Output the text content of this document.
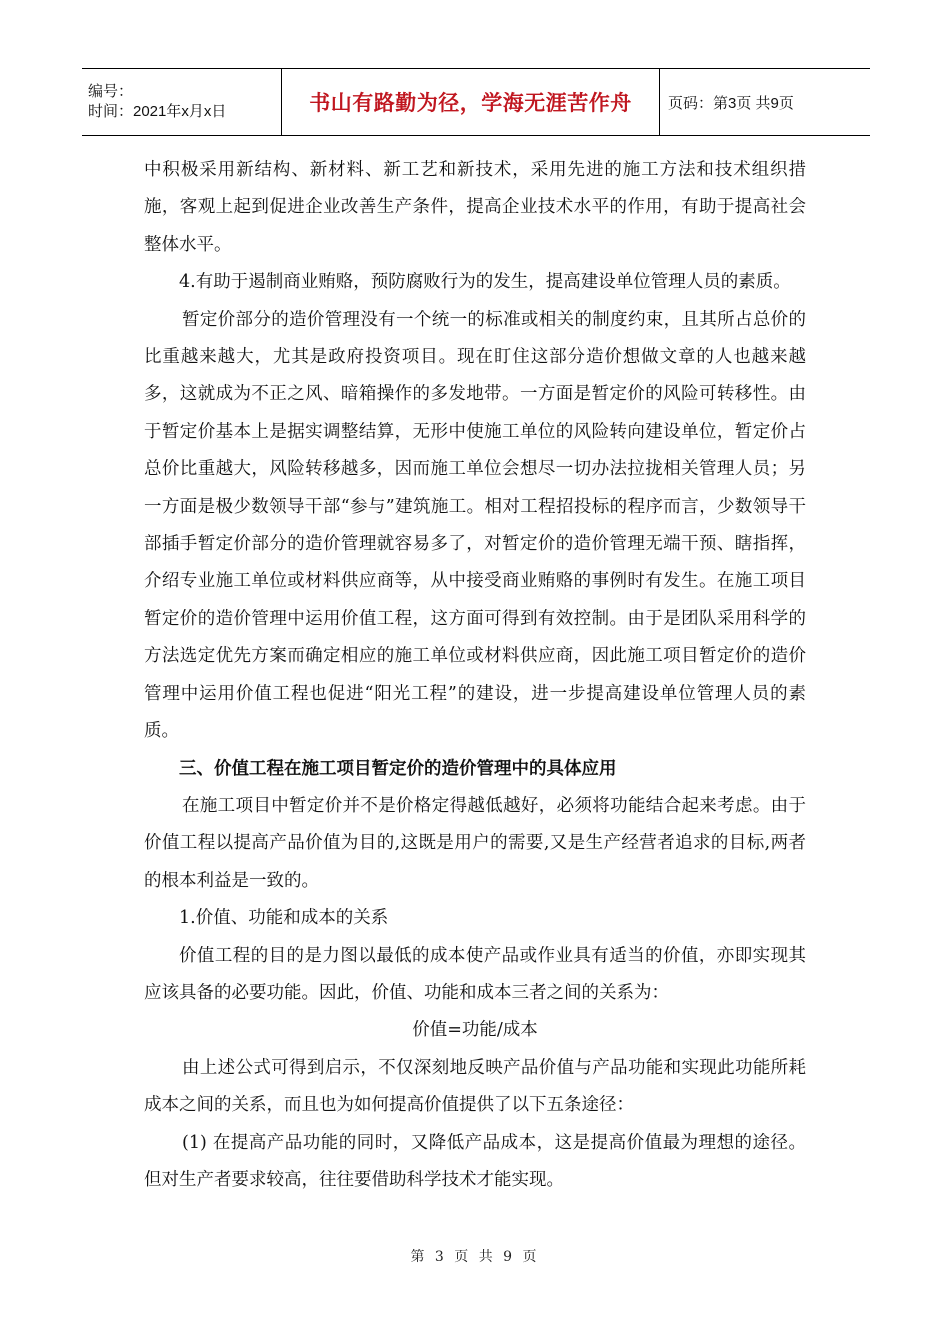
编号：
时间：2021年x月x日	书山有路勤为径，学海无涯苦作舟 页码：第3页 共9页

中积极采用新结构、新材料、新工艺和新技术，采用先进的施工方法和技术组织措施，客观上起到促进企业改善生产条件，提高企业技术水平的作用，有助于提高社会整体水平。

4.有助于遏制商业贿赂，预防腐败行为的发生，提高建设单位管理人员的素质。

暂定价部分的造价管理没有一个统一的标准或相关的制度约束，且其所占总价的比重越来越大，尤其是政府投资项目。现在盯住这部分造价想做文章的人也越来越多，这就成为不正之风、暗箱操作的多发地带。一方面是暂定价的风险可转移性。由于暂定价基本上是据实调整结算，无形中使施工单位的风险转向建设单位，暂定价占总价比重越大，风险转移越多，因而施工单位会想尽一切办法拉拢相关管理人员；另一方面是极少数领导干部“参与”建筑施工。相对工程招投标的程序而言，少数领导干部插手暂定价部分的造价管理就容易多了，对暂定价的造价管理无端干预、瞎指挥，介绍专业施工单位或材料供应商等，从中接受商业贿赂的事例时有发生。在施工项目暂定价的造价管理中运用价值工程，这方面可得到有效控制。由于是团队采用科学的方法选定优先方案而确定相应的施工单位或材料供应商，因此施工项目暂定价的造价管理中运用价值工程也促进“阳光工程”的建设，进一步提高建设单位管理人员的素质。

三、价值工程在施工项目暂定价的造价管理中的具体应用

在施工项目中暂定价并不是价格定得越低越好，必须将功能结合起来考虑。由于价值工程以提高产品价值为目的,这既是用户的需要,又是生产经营者追求的目标,两者的根本利益是一致的。

1.价值、功能和成本的关系

价值工程的目的是力图以最低的成本使产品或作业具有适当的价值，亦即实现其应该具备的必要功能。因此，价值、功能和成本三者之间的关系为：

价值=功能/成本

由上述公式可得到启示，不仅深刻地反映产品价值与产品功能和实现此功能所耗成本之间的关系，而且也为如何提高价值提供了以下五条途径：

(1) 在提高产品功能的同时，又降低产品成本，这是提高价值最为理想的途径。但对生产者要求较高，往往要借助科学技术才能实现。

第 3 页 共 9 页
